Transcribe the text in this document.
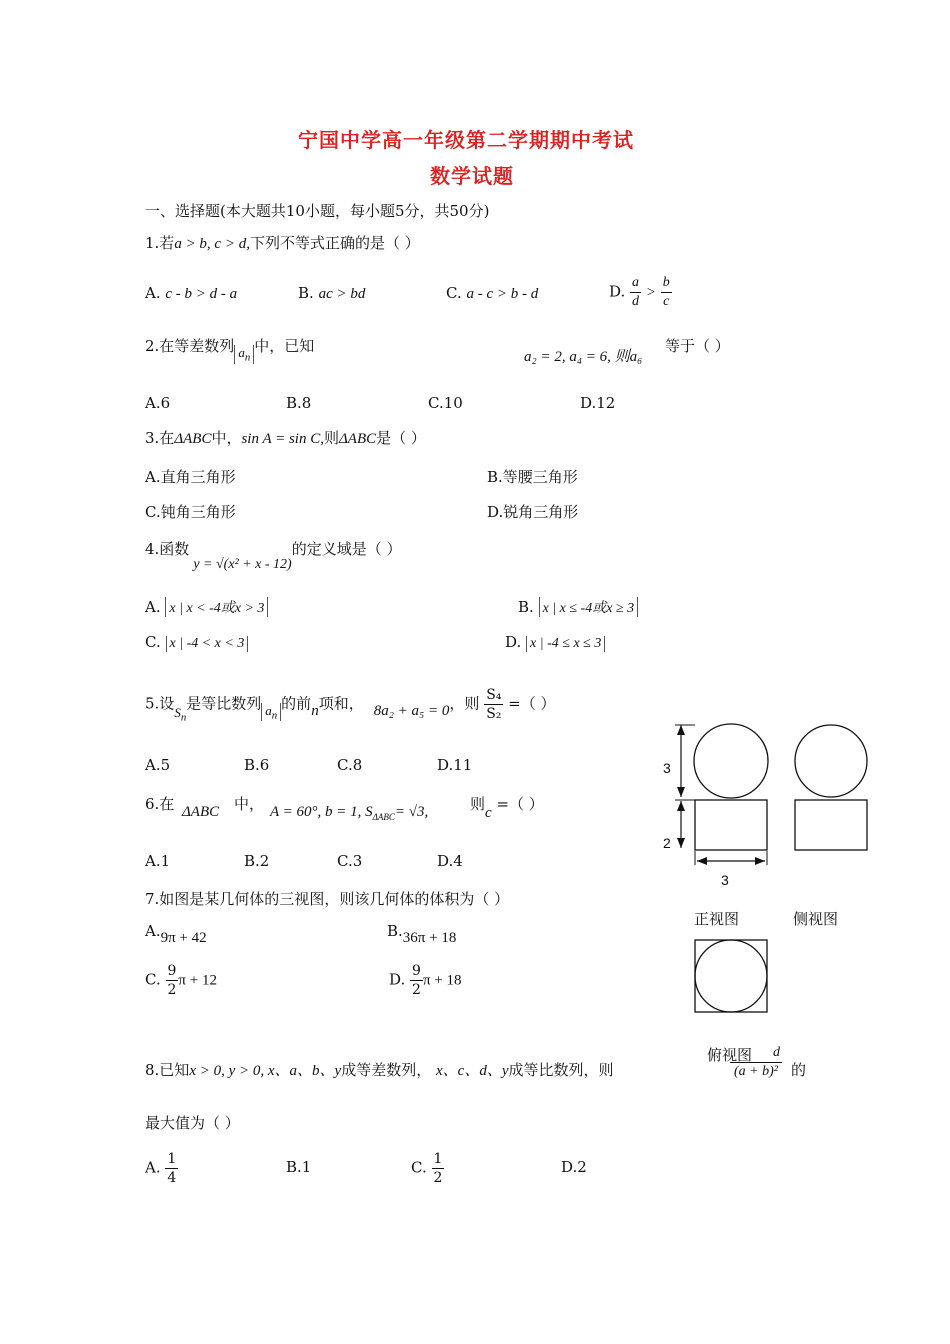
宁国中学高一年级第二学期期中考试
数学试题
一、选择题(本大题共10小题，每小题5分，共50分)
1.若a > b, c > d,下列不等式正确的是（ ）
A. c - b > d - a	B. ac > bd	C. a - c > b - d	D. $\frac{a}{d} > \frac{b}{c}$
2.在等差数列 $a_n$中，已知
a₂ = 2, a₄ = 6, 则a₆
等于（ ）
A.6	B.8	C.10	D.12
3.在ΔABC中，sin A = sin C,则ΔABC是（ ）
A.直角三角形	B.等腰三角形
C.钝角三角形	D.锐角三角形
4.函数y = √(x² + x - 12)的定义域是（ ）
A. x | x < -4或x > 3	B. x | x ≤ -4或x ≥ 3
C. x | -4 < x < 3	D. x | -4 ≤ x ≤ 3
5.设$S_n$是等比数列 $a_n$的前n项和， 8a₂ + a₅ = 0，则 $\frac{\text{S₄}}{\text{S₂}}$ =（ ）
A.5	B.6	C.8	D.11
6.在 ΔABC 中， A = 60°, b = 1, $S_{\Delta ABC}= √3$,	则c =（ ）
A.1	B.2	C.3	D.4
7.如图是某几何体的三视图，则该几何体的体积为（ ）
A.9π + 42	B.36π + 18
C. $\frac{9}{2}$ π + 12	D. $\frac{9}{2}$ π + 18
3
2
3
正视图	侧视图
8.已知x > 0, y > 0, x、a、b、y成等差数列， x、c、d、y成等比数列，则
俯视图
$\frac{d}{\text{(a + b)²}}$ 的
最大值为（ ）
A. $\frac{1}{4}$	B.1	C. $\frac{1}{2}$	D.2
